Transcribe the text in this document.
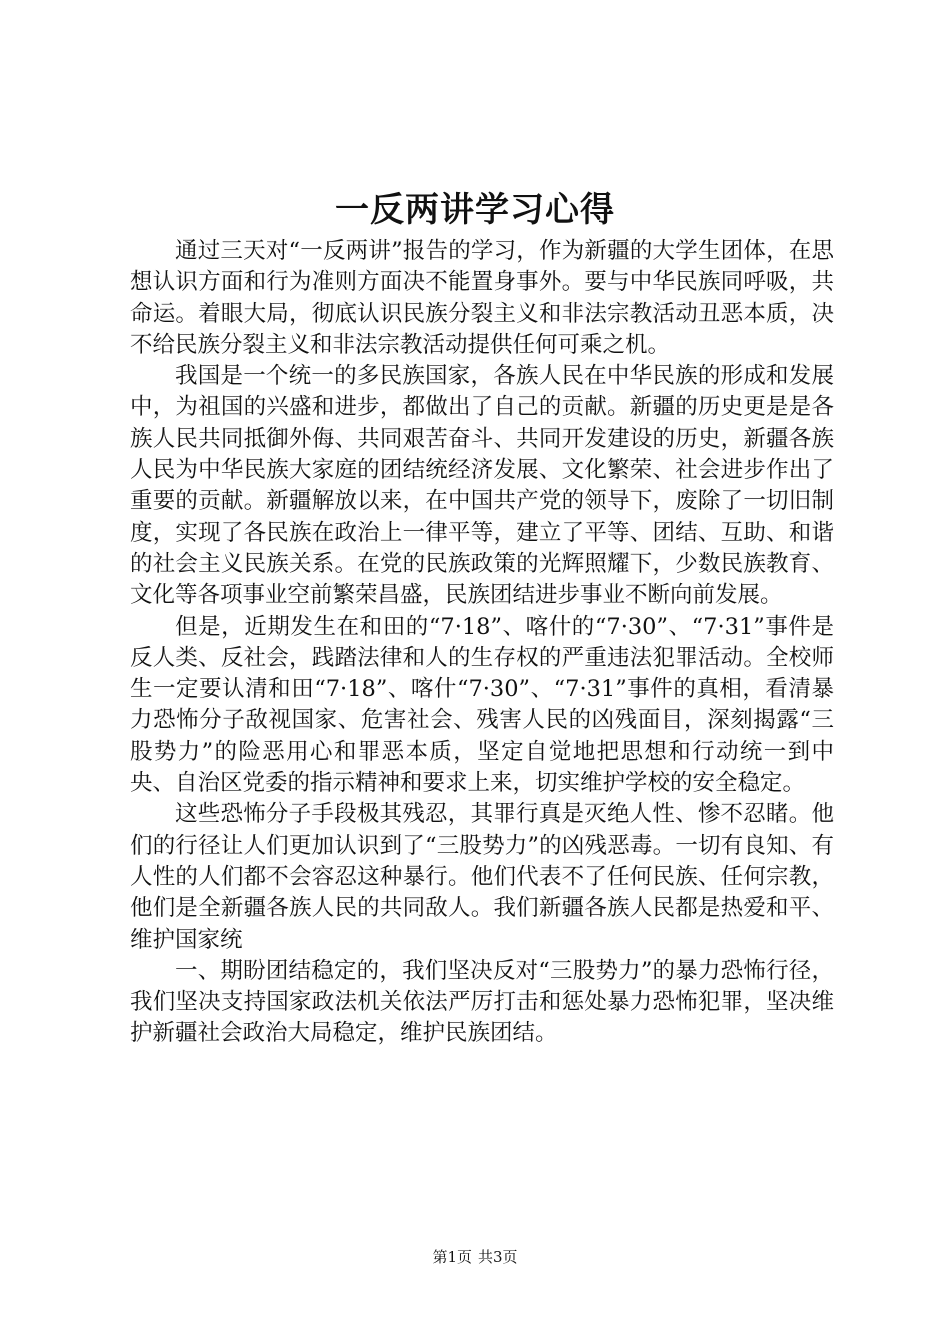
一反两讲学习心得

通过三天对“一反两讲”报告的学习，作为新疆的大学生团体，在思想认识方面和行为准则方面决不能置身事外。要与中华民族同呼吸，共命运。着眼大局，彻底认识民族分裂主义和非法宗教活动丑恶本质，决不给民族分裂主义和非法宗教活动提供任何可乘之机。

我国是一个统一的多民族国家，各族人民在中华民族的形成和发展中，为祖国的兴盛和进步，都做出了自己的贡献。新疆的历史更是是各族人民共同抵御外侮、共同艰苦奋斗、共同开发建设的历史，新疆各族人民为中华民族大家庭的团结统经济发展、文化繁荣、社会进步作出了重要的贡献。新疆解放以来，在中国共产党的领导下，废除了一切旧制度，实现了各民族在政治上一律平等，建立了平等、团结、互助、和谐的社会主义民族关系。在党的民族政策的光辉照耀下，少数民族教育、文化等各项事业空前繁荣昌盛，民族团结进步事业不断向前发展。

但是，近期发生在和田的“7·18”、喀什的“7·30”、“7·31”事件是反人类、反社会，践踏法律和人的生存权的严重违法犯罪活动。全校师生一定要认清和田“7·18”、喀什“7·30”、“7·31”事件的真相，看清暴力恐怖分子敌视国家、危害社会、残害人民的凶残面目，深刻揭露“三股势力”的险恶用心和罪恶本质，坚定自觉地把思想和行动统一到中央、自治区党委的指示精神和要求上来，切实维护学校的安全稳定。

这些恐怖分子手段极其残忍，其罪行真是灭绝人性、惨不忍睹。他们的行径让人们更加认识到了“三股势力”的凶残恶毒。一切有良知、有人性的人们都不会容忍这种暴行。他们代表不了任何民族、任何宗教，他们是全新疆各族人民的共同敌人。我们新疆各族人民都是热爱和平、维护国家统

一、期盼团结稳定的，我们坚决反对“三股势力”的暴力恐怖行径，我们坚决支持国家政法机关依法严厉打击和惩处暴力恐怖犯罪，坚决维护新疆社会政治大局稳定，维护民族团结。

第1页 共3页
